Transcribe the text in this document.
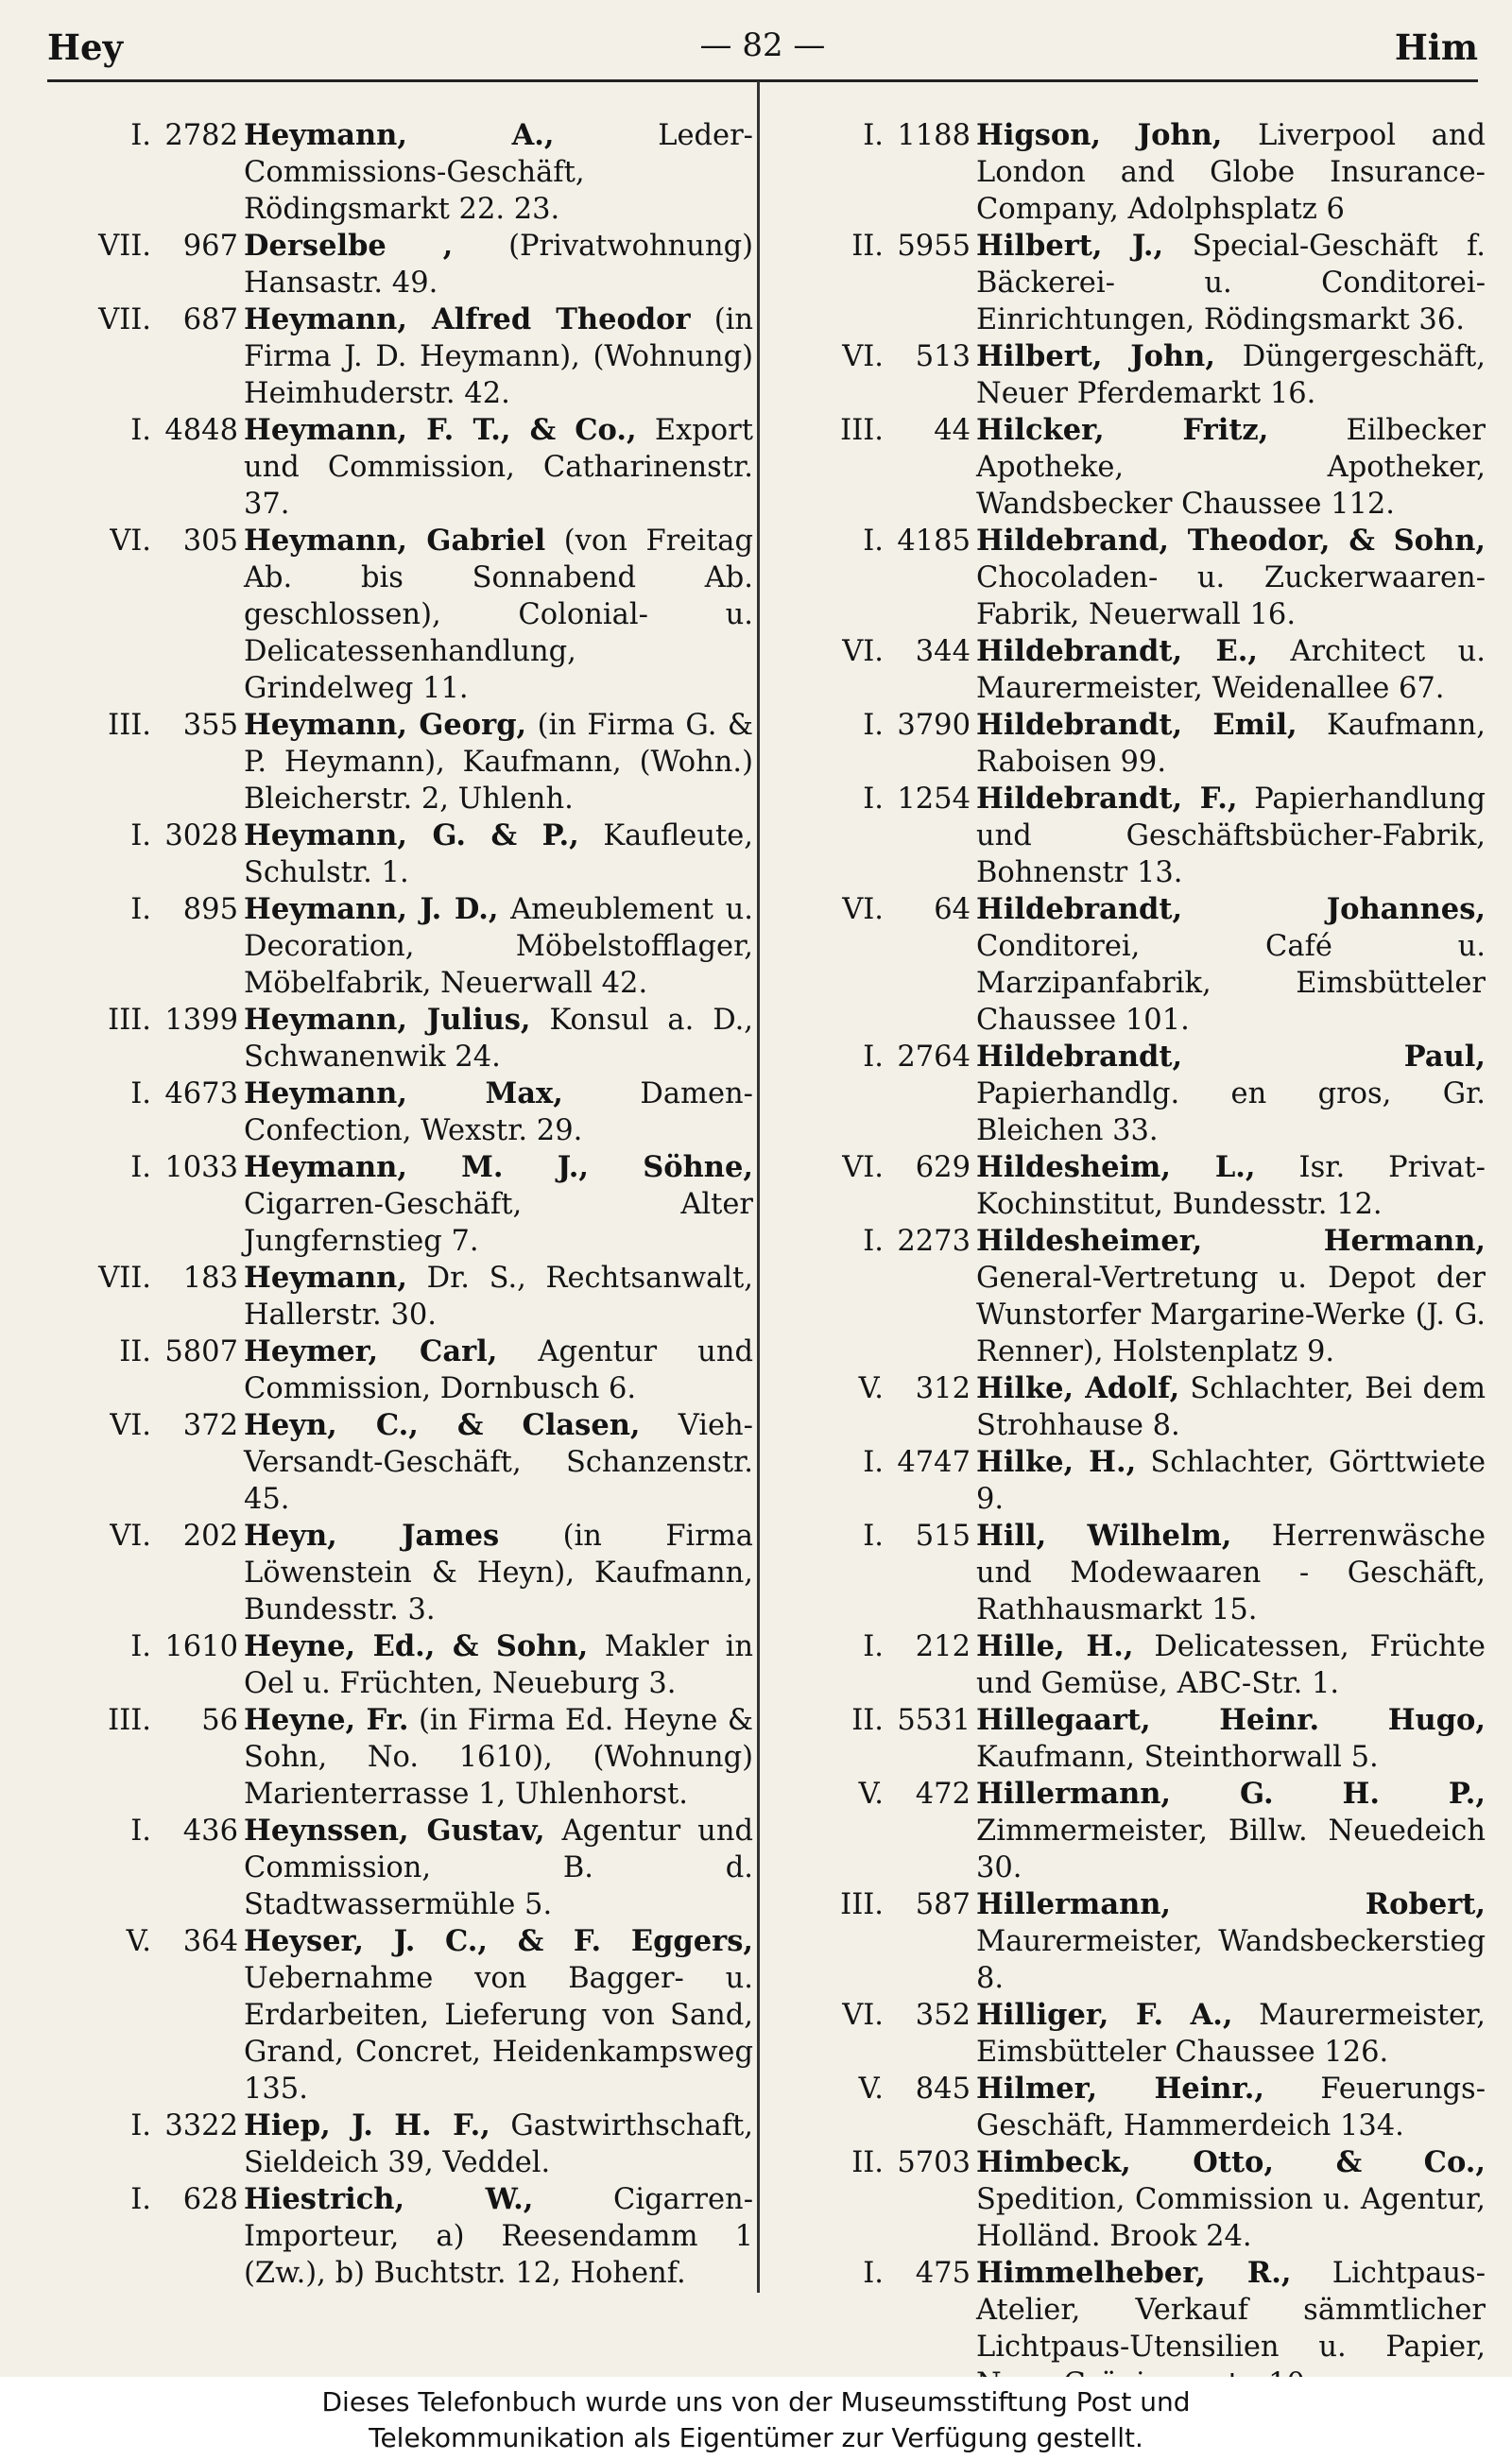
Hey	— 82 —	Him
I. 2782 Heymann, A., Leder-Commissions-Geschäft, Rödingsmarkt 22. 23.
VII. 967 Derselbe , (Privatwohnung) Hansastr. 49.
VII. 687 Heymann, Alfred Theodor (in Firma J. D. Heymann), (Wohnung) Heimhuderstr. 42.
I. 4848 Heymann, F. T., & Co., Export und Commission, Catharinenstr. 37.
VI. 305 Heymann, Gabriel (von Freitag Ab. bis Sonnabend Ab. geschlossen), Colonial- u. Delicatessenhandlung, Grindelweg 11.
III. 355 Heymann, Georg, (in Firma G. & P. Heymann), Kaufmann, (Wohn.) Bleicherstr. 2, Uhlenh.
I. 3028 Heymann, G. & P., Kaufleute, Schulstr. 1.
I. 895 Heymann, J. D., Ameublement u. Decoration, Möbelstofflager, Möbelfabrik, Neuerwall 42.
III. 1399 Heymann, Julius, Konsul a. D., Schwanenwik 24.
I. 4673 Heymann, Max, Damen-Confection, Wexstr. 29.
I. 1033 Heymann, M. J., Söhne, Cigarren-Geschäft, Alter Jungfernstieg 7.
VII. 183 Heymann, Dr. S., Rechtsanwalt, Hallerstr. 30.
II. 5807 Heymer, Carl, Agentur und Commission, Dornbusch 6.
VI. 372 Heyn, C., & Clasen, Vieh-Versandt-Geschäft, Schanzenstr. 45.
VI. 202 Heyn, James (in Firma Löwenstein & Heyn), Kaufmann, Bundesstr. 3.
I. 1610 Heyne, Ed., & Sohn, Makler in Oel u. Früchten, Neueburg 3.
III. 56 Heyne, Fr. (in Firma Ed. Heyne & Sohn, No. 1610), (Wohnung) Marienterrasse 1, Uhlenhorst.
I. 436 Heynssen, Gustav, Agentur und Commission, B. d. Stadtwassermühle 5.
V. 364 Heyser, J. C., & F. Eggers, Uebernahme von Bagger- u. Erdarbeiten, Lieferung von Sand, Grand, Concret, Heidenkampsweg 135.
I. 3322 Hiep, J. H. F., Gastwirthschaft, Sieldeich 39, Veddel.
I. 628 Hiestrich, W., Cigarren-Importeur, a) Reesendamm 1 (Zw.), b) Buchtstr. 12, Hohenf.
I. 1188 Higson, John, Liverpool and London and Globe Insurance-Company, Adolphsplatz 6
II. 5955 Hilbert, J., Special-Geschäft f. Bäckerei- u. Conditorei-Einrichtungen, Rödingsmarkt 36.
VI. 513 Hilbert, John, Düngergeschäft, Neuer Pferdemarkt 16.
III. 44 Hilcker, Fritz, Eilbecker Apotheke, Apotheker, Wandsbecker Chaussee 112.
I. 4185 Hildebrand, Theodor, & Sohn, Chocoladen- u. Zuckerwaaren-Fabrik, Neuerwall 16.
VI. 344 Hildebrandt, E., Architect u. Maurermeister, Weidenallee 67.
I. 3790 Hildebrandt, Emil, Kaufmann, Raboisen 99.
I. 1254 Hildebrandt, F., Papierhandlung und Geschäftsbücher-Fabrik, Bohnenstr 13.
VI. 64 Hildebrandt, Johannes, Conditorei, Café u. Marzipanfabrik, Eimsbütteler Chaussee 101.
I. 2764 Hildebrandt, Paul, Papierhandlg. en gros, Gr. Bleichen 33.
VI. 629 Hildesheim, L., Isr. Privat-Kochinstitut, Bundesstr. 12.
I. 2273 Hildesheimer, Hermann, General-Vertretung u. Depot der Wunstorfer Margarine-Werke (J. G. Renner), Holstenplatz 9.
V. 312 Hilke, Adolf, Schlachter, Bei dem Strohhause 8.
I. 4747 Hilke, H., Schlachter, Görttwiete 9.
I. 515 Hill, Wilhelm, Herrenwäsche und Modewaaren - Geschäft, Rathhausmarkt 15.
I. 212 Hille, H., Delicatessen, Früchte und Gemüse, ABC-Str. 1.
II. 5531 Hillegaart, Heinr. Hugo, Kaufmann, Steinthorwall 5.
V. 472 Hillermann, G. H. P., Zimmermeister, Billw. Neuedeich 30.
III. 587 Hillermann, Robert, Maurermeister, Wandsbeckerstieg 8.
VI. 352 Hilliger, F. A., Maurermeister, Eimsbütteler Chaussee 126.
V. 845 Hilmer, Heinr., Feuerungs-Geschäft, Hammerdeich 134.
II. 5703 Himbeck, Otto, & Co., Spedition, Commission u. Agentur, Holländ. Brook 24.
I. 475 Himmelheber, R., Lichtpaus-Atelier, Verkauf sämmtlicher Lichtpaus-Utensilien u. Papier,
Dieses Telefonbuch wurde uns von der Museumsstiftung Post und
Telekommunikation als Eigentümer zur Verfügung gestellt.
